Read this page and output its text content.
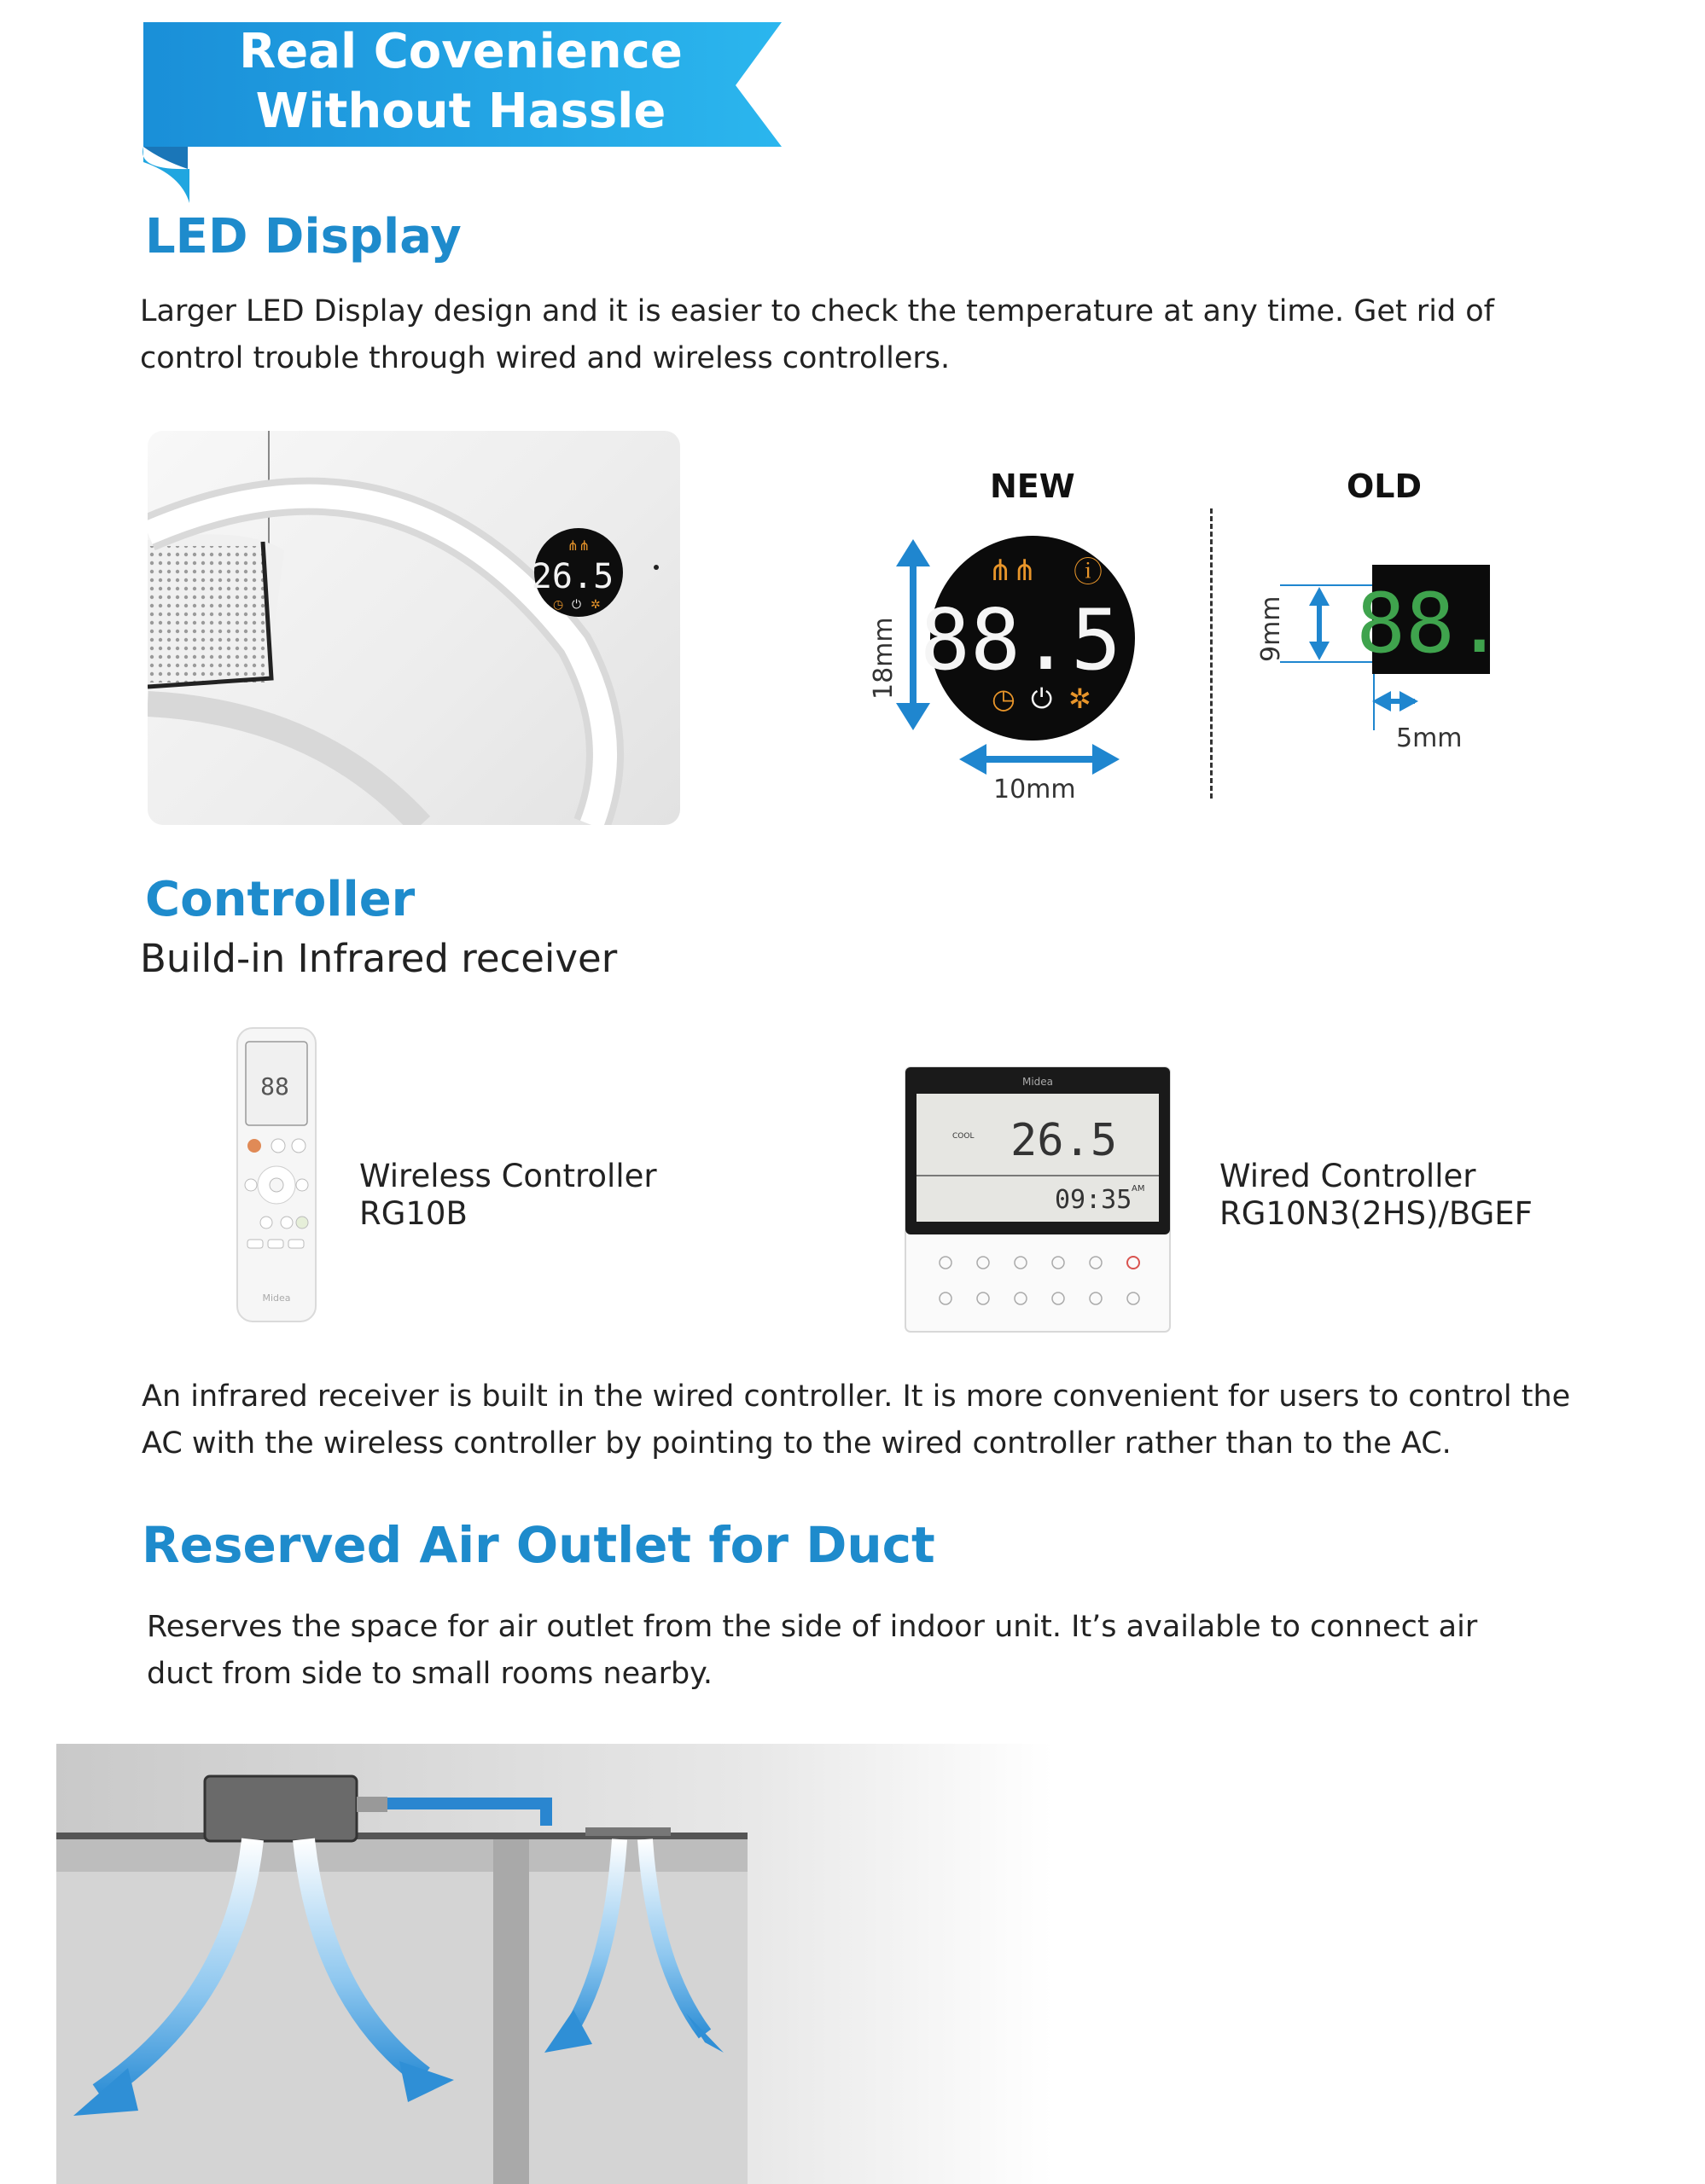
Real Covenience
Without Hassle
LED Display
Larger LED Display design and it is easier to check the temperature at any time. Get rid of control trouble through wired and wireless controllers.
⋔⋔
26.5
◷ ⏻ ✲
NEW	OLD
⋔⋔ ⓘ
88.5
◷ ⏻ ✲
18mm
10mm
88.
9mm
5mm
Controller
Build-in Infrared receiver
88
Midea
Wireless Controller
RG10B
Midea
COOL 26.5
09:35 AM Wired Controller
RG10N3(2HS)/BGEF
An infrared receiver is built in the wired controller. It is more convenient for users to control the AC with the wireless controller by pointing to the wired controller rather than to the AC.
Reserved Air Outlet for Duct
Reserves the space for air outlet from the side of indoor unit. It’s available to connect air duct from side to small rooms nearby.
